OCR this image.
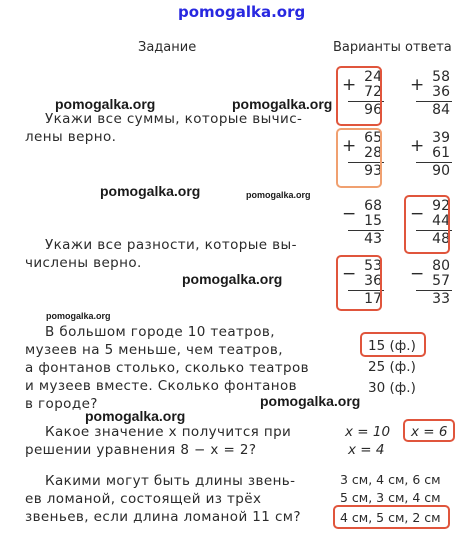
pomogalka.org
Задание	Варианты ответа
pomogalka.org	pomogalka.org
pomogalka.org	pomogalka.org
pomogalka.org
pomogalka.org
pomogalka.org
pomogalka.org
Укажи все суммы, которые вычис-
лены верно.
Укажи все разности, которые вы-
числены верно.
В большом городе 10 театров,
музеев на 5 меньше, чем театров,
а фонтанов столько, сколько театров
и музеев вместе. Сколько фонтанов
в городе?
Какое значение x получится при
решении уравнения 8 − x = 2?
Какими могут быть длины звень-
ев ломаной, состоящей из трёх
звеньев, если длина ломаной 11 см?
+ 24
72
96
+ 58
36
84
+ 65
28
93
+ 39
61
90
− 68
15
43
− 92
44
48
− 53
36
17
− 80
57
33
15 (ф.)
25 (ф.)
30 (ф.)
x = 10 x = 6
x = 4
3 см, 4 см, 6 см
5 см, 3 см, 4 см
4 см, 5 см, 2 см
